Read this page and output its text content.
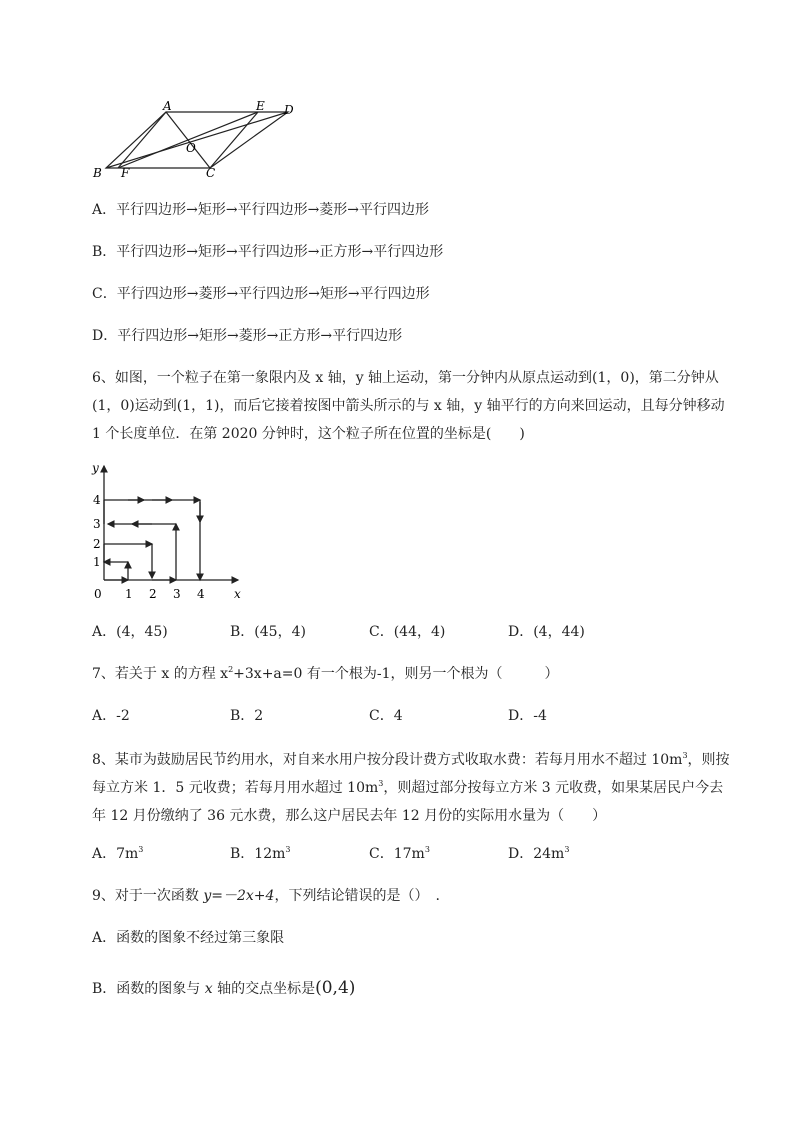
A	E D
O
B F	C
A．平行四边形→矩形→平行四边形→菱形→平行四边形
B．平行四边形→矩形→平行四边形→正方形→平行四边形
C．平行四边形→菱形→平行四边形→矩形→平行四边形
D．平行四边形→矩形→菱形→正方形→平行四边形
6、如图，一个粒子在第一象限内及 x 轴，y 轴上运动，第一分钟内从原点运动到(1，0)，第二分钟从(1，0)运动到(1，1)，而后它接着按图中箭头所示的与 x 轴，y 轴平行的方向来回运动，且每分钟移动 1 个长度单位．在第 2020 分钟时，这个粒子所在位置的坐标是(　　)
y
x
0 1 2 3 4
1
2
3
4
A．(4，45)	B．(45，4)	C．(44，4)	D．(4，44)
7、若关于 x 的方程 $x^2+3x+a=0$ 有一个根为-1，则另一个根为（　　　）
A．-2	B．2	C．4	D．-4
8、某市为鼓励居民节约用水，对自来水用户按分段计费方式收取水费：若每月用水不超过 $10m^3$，则按每立方米 1．5 元收费；若每月用水超过 $10m^3$，则超过部分按每立方米 3 元收费，如果某居民户今去年 12 月份缴纳了 36 元水费，那么这户居民去年 12 月份的实际用水量为（　　）
A．$7m^3$	B．$12m^3$	C．$17m^3$	D．$24m^3$
9、对于一次函数 y=－2x+4，下列结论错误的是（）　.
A．函数的图象不经过第三象限
B．函数的图象与 x 轴的交点坐标是(0,4)
